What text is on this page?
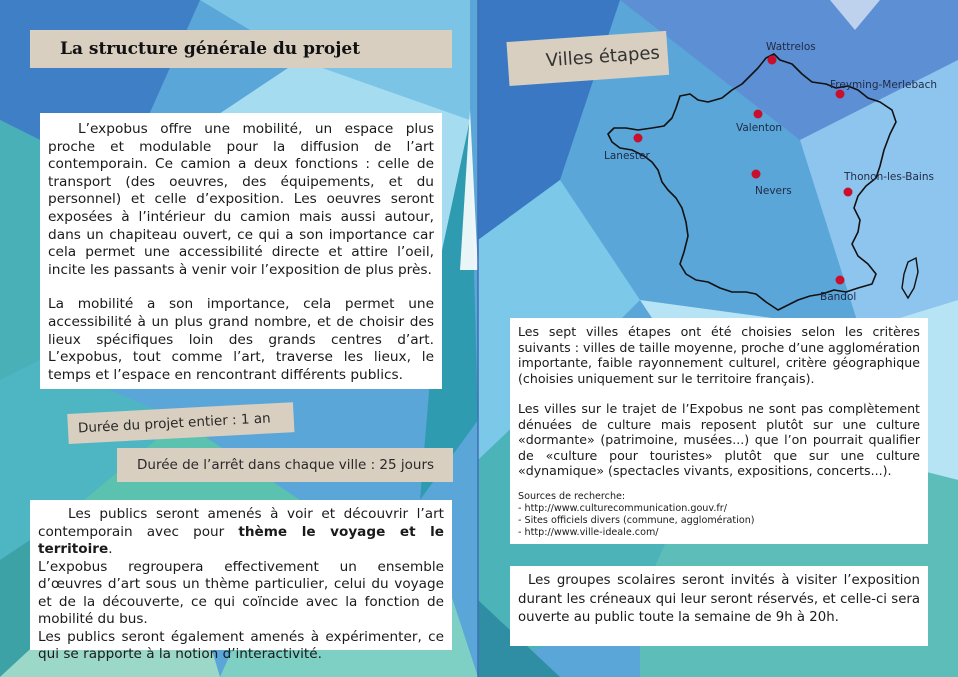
La structure générale du projet

L’expobus offre une mobilité, un espace plus proche et modulable pour la diffusion de l’art contemporain. Ce camion a deux fonctions : celle de transport (des oeuvres, des équipements, et du personnel) et celle d’exposition. Les oeuvres seront exposées à l’intérieur du camion mais aussi autour, dans un chapiteau ouvert, ce qui a son importance car cela permet une accessibilité directe et attire l’oeil, incite les passants à venir voir l’exposition de plus près.

La mobilité a son importance, cela permet une accessibilité à un plus grand nombre, et de choisir des lieux spécifiques loin des grands centres d’art. L’expobus, tout comme l’art, traverse les lieux, le temps et l’espace en rencontrant différents publics.

Durée du projet entier : 1 an
Durée de l’arrêt dans chaque ville : 25 jours

Les publics seront amenés à voir et découvrir l’art contemporain avec pour thème le voyage et le territoire.

L’expobus regroupera effectivement un ensemble d’œuvres d’art sous un thème particulier, celui du voyage et de la découverte, ce qui coïncide avec la fonction de mobilité du bus.

Les publics seront également amenés à expérimenter, ce qui se rapporte à la notion d’interactivité.

Villes étapes	Wattrelos
Freyming-Merlebach
Valenton
Lanester
Nevers
Thonon-les-Bains
Bandol

Les sept villes étapes ont été choisies selon les critères suivants : villes de taille moyenne, proche d’une agglomération importante, faible rayonnement culturel, critère géographique (choisies uniquement sur le territoire français).

Les villes sur le trajet de l’Expobus ne sont pas complètement dénuées de culture mais reposent plutôt sur une culture «dormante» (patrimoine, musées...) que l’on pourrait qualifier de «culture pour touristes» plutôt que sur une culture «dynamique» (spectacles vivants, expositions, concerts...).

Sources de recherche:

- http://www.culturecommunication.gouv.fr/

- Sites officiels divers (commune, agglomération)

- http://www.ville-ideale.com/

Les groupes scolaires seront invités à visiter l’exposition durant les créneaux qui leur seront réservés, et celle-ci sera ouverte au public toute la semaine de 9h à 20h.
